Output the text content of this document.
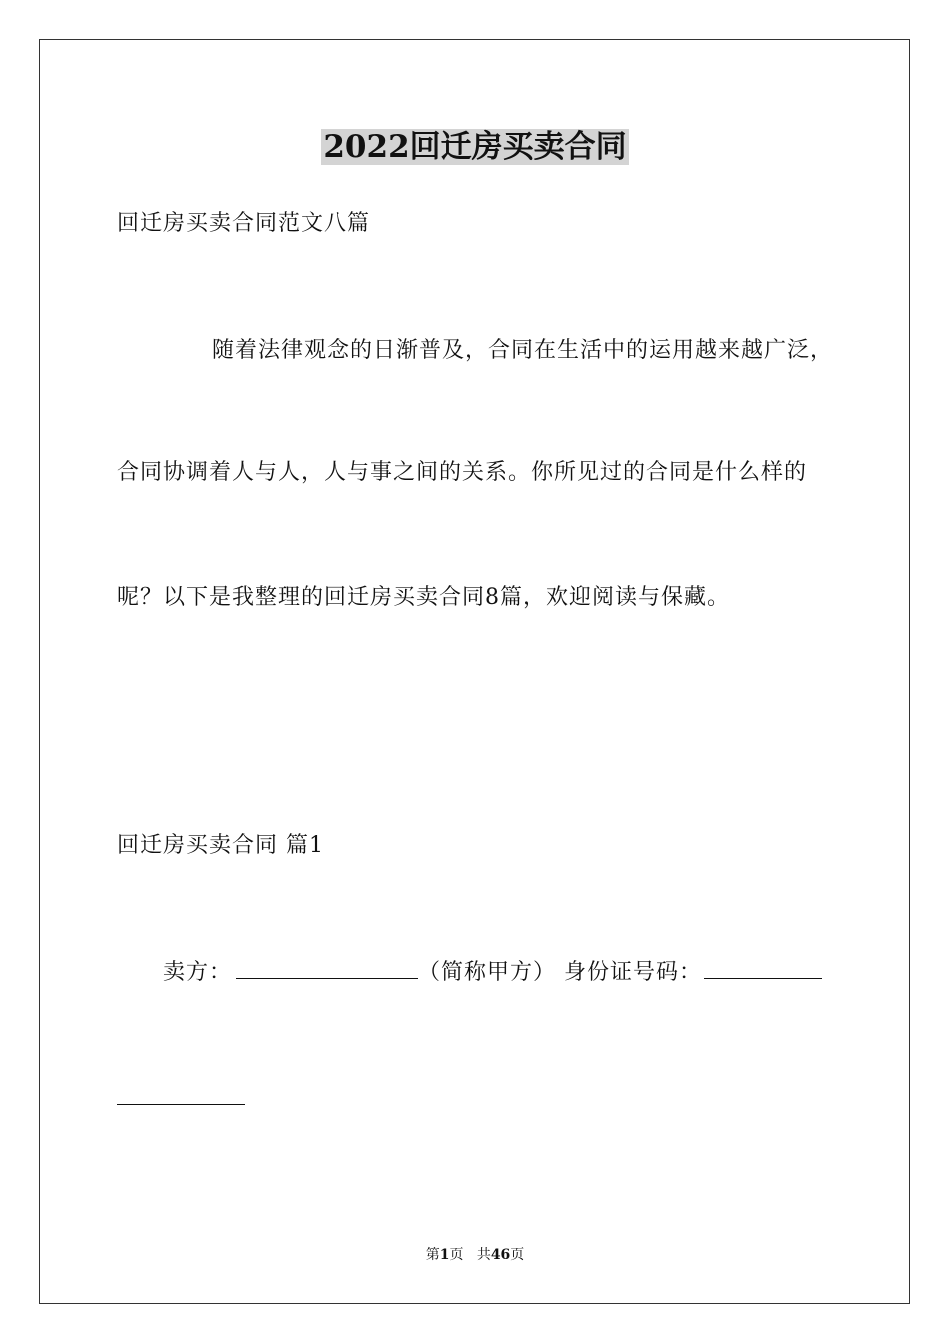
2022回迁房买卖合同
回迁房买卖合同范文八篇
随着法律观念的日渐普及，合同在生活中的运用越来越广泛，
合同协调着人与人，人与事之间的关系。你所见过的合同是什么样的
呢？以下是我整理的回迁房买卖合同8篇，欢迎阅读与保藏。
回迁房买卖合同 篇1
卖方：	（简称甲方） 身份证号码：
第1页 共46页
